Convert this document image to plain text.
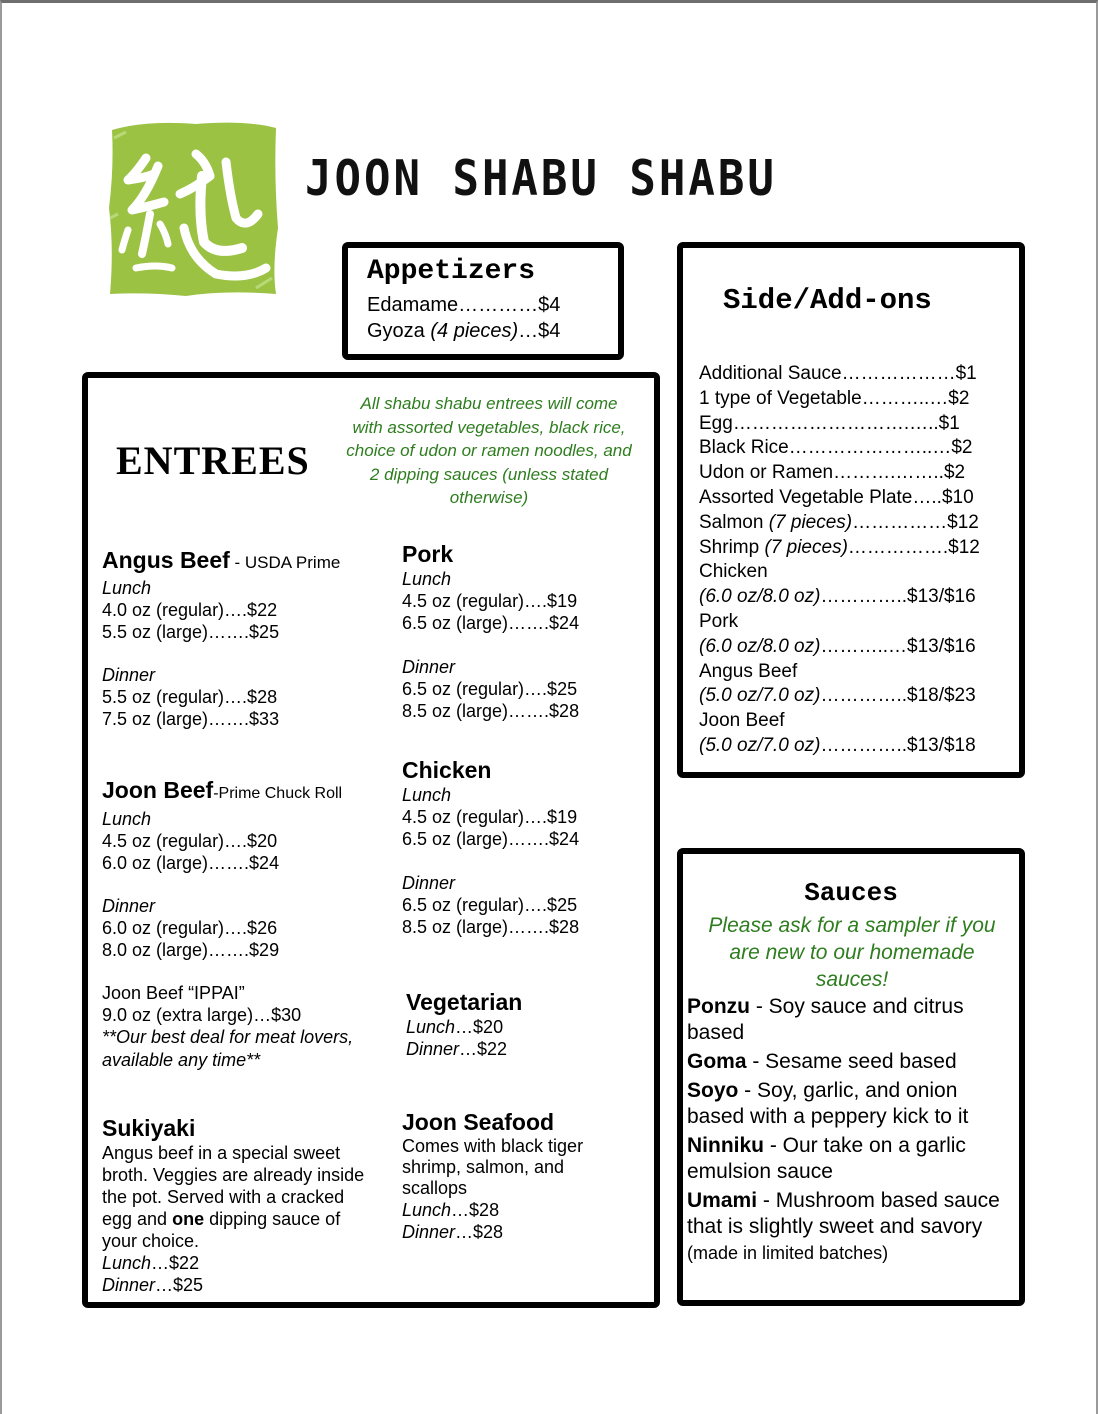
JOON SHABU SHABU
Appetizers
Edamame…………$4
Gyoza (4 pieces)…$4
Side/Add-ons
Additional Sauce………………$1
1 type of Vegetable………..…$2
Egg……………………….…..$1
Black Rice…………………..…$2
Udon or Ramen……….……..$2
Assorted Vegetable Plate…..$10
Salmon (7 pieces)……………$12
Shrimp (7 pieces)…………….$12
Chicken
(6.0 oz/8.0 oz)…………..$13/$16
Pork
(6.0 oz/8.0 oz)………..…$13/$16
Angus Beef
(5.0 oz/7.0 oz)…………..$18/$23
Joon Beef
(5.0 oz/7.0 oz)…………..$13/$18
ENTREES
All shabu shabu entrees will come with assorted vegetables, black rice, choice of udon or ramen noodles, and 2 dipping sauces (unless stated otherwise)
Angus Beef - USDA Prime
Lunch
4.0 oz (regular)….$22
5.5 oz (large)…….$25
Dinner
5.5 oz (regular)….$28
7.5 oz (large)…….$33
Joon Beef-Prime Chuck Roll
Lunch
4.5 oz (regular)….$20
6.0 oz (large)…….$24
Dinner
6.0 oz (regular)….$26
8.0 oz (large)…….$29
Joon Beef “IPPAI”
9.0 oz (extra large)…$30
**Our best deal for meat lovers, available any time**
Sukiyaki
Angus beef in a special sweet broth. Veggies are already inside the pot. Served with a cracked egg and one dipping sauce of your choice.
Lunch…$22
Dinner…$25
Pork
Lunch
4.5 oz (regular)….$19
6.5 oz (large)…….$24
Dinner
6.5 oz (regular)….$25
8.5 oz (large)…….$28
Chicken
Lunch
4.5 oz (regular)….$19
6.5 oz (large)…….$24
Dinner
6.5 oz (regular)….$25
8.5 oz (large)…….$28
Vegetarian
Lunch…$20
Dinner…$22
Joon Seafood
Comes with black tiger shrimp, salmon, and scallops
Lunch…$28
Dinner…$28
Sauces
Please ask for a sampler if you are new to our homemade sauces!
Ponzu - Soy sauce and citrus based
Goma - Sesame seed based
Soyo - Soy, garlic, and onion based with a peppery kick to it
Ninniku - Our take on a garlic emulsion sauce
Umami - Mushroom based sauce that is slightly sweet and savory (made in limited batches)
